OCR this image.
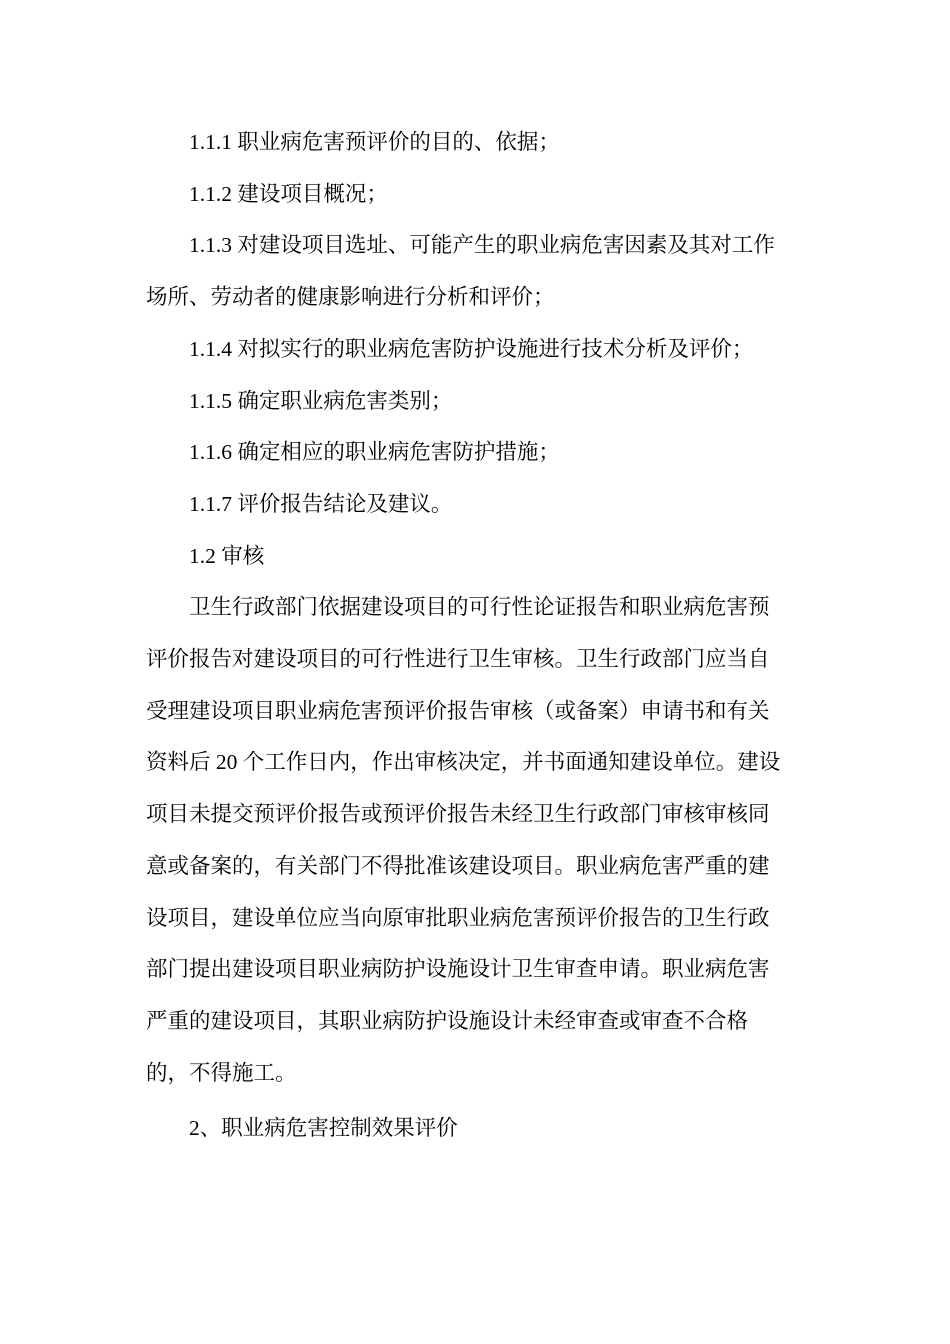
1.1.1 职业病危害预评价的目的、依据；
1.1.2 建设项目概况；
1.1.3 对建设项目选址、可能产生的职业病危害因素及其对工作
场所、劳动者的健康影响进行分析和评价；
1.1.4 对拟实行的职业病危害防护设施进行技术分析及评价；
1.1.5 确定职业病危害类别；
1.1.6 确定相应的职业病危害防护措施；
1.1.7 评价报告结论及建议。
1.2 审核
卫生行政部门依据建设项目的可行性论证报告和职业病危害预
评价报告对建设项目的可行性进行卫生审核。卫生行政部门应当自
受理建设项目职业病危害预评价报告审核（或备案）申请书和有关
资料后 20 个工作日内，作出审核决定，并书面通知建设单位。建设
项目未提交预评价报告或预评价报告未经卫生行政部门审核审核同
意或备案的，有关部门不得批准该建设项目。职业病危害严重的建
设项目，建设单位应当向原审批职业病危害预评价报告的卫生行政
部门提出建设项目职业病防护设施设计卫生审查申请。职业病危害
严重的建设项目，其职业病防护设施设计未经审查或审查不合格
的，不得施工。
2、职业病危害控制效果评价
